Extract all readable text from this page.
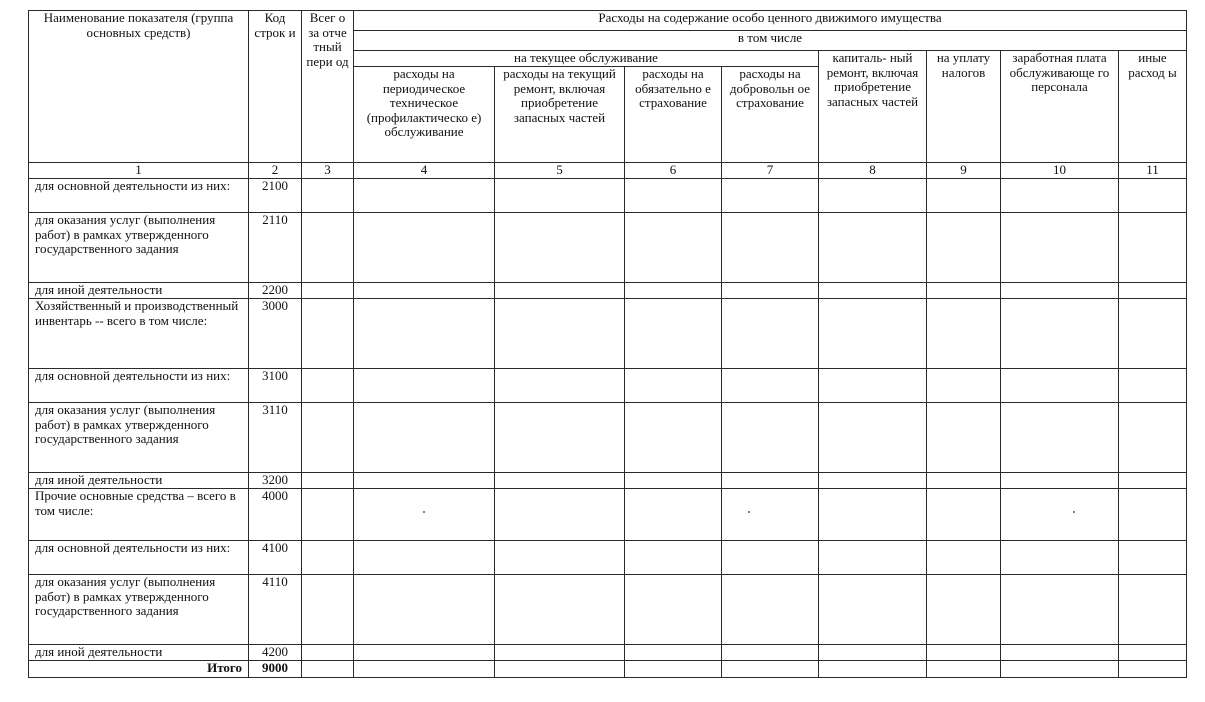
Наименование показателя (группа основных средств)	Код строк и	Всег о за отче тный пери од	Расходы на содержание особо ценного движимого имущества							
			в том числе							
			на текущее обслуживание				капиталь- ный ремонт, включая приобретение запасных частей	на уплату налогов	заработная плата обслуживающе го персонала	иные расход ы
			расходы на периодическое техническое (профилактическо е) обслуживание	расходы на текущий ремонт, включая приобретение запасных частей	расходы на обязательно е страхование	расходы на добровольн ое страхование				
1	2	3	4	5	6	7	8	9	10	11
для основной деятельности из них:	2100									
для оказания услуг (выполнения работ) в рамках утвержденного государственного задания	2110									
для иной деятельности	2200									
Хозяйственный и производственный инвентарь -- всего в том числе:	3000									
для основной деятельности из них:	3100									
для оказания услуг (выполнения работ) в рамках утвержденного государственного задания	3110									
для иной деятельности	3200									
Прочие основные средства – всего в том числе:	4000									
для основной деятельности из них:	4100									
для оказания услуг (выполнения работ) в рамках утвержденного государственного задания	4110									
для иной деятельности	4200									
Итого	9000									
